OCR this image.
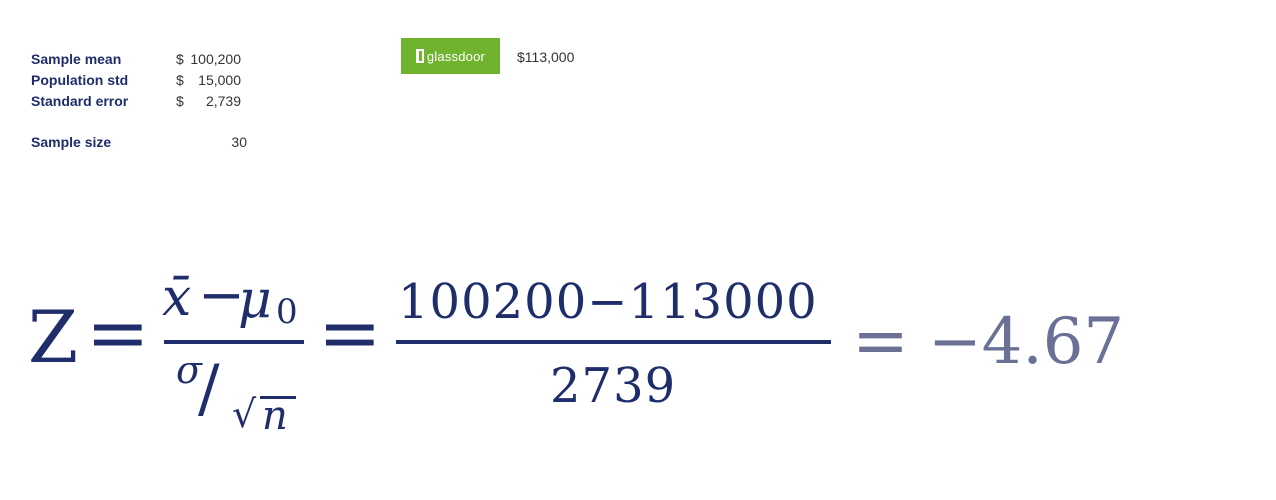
Sample mean	$ 100,200
Population std	$ 15,000
Standard error	$ 2,739
Sample size	30
glassdoor $113,000
Z = x̄ −
μ 0
σ
/ √ n
= 100200−113000
2739
= −4.67
